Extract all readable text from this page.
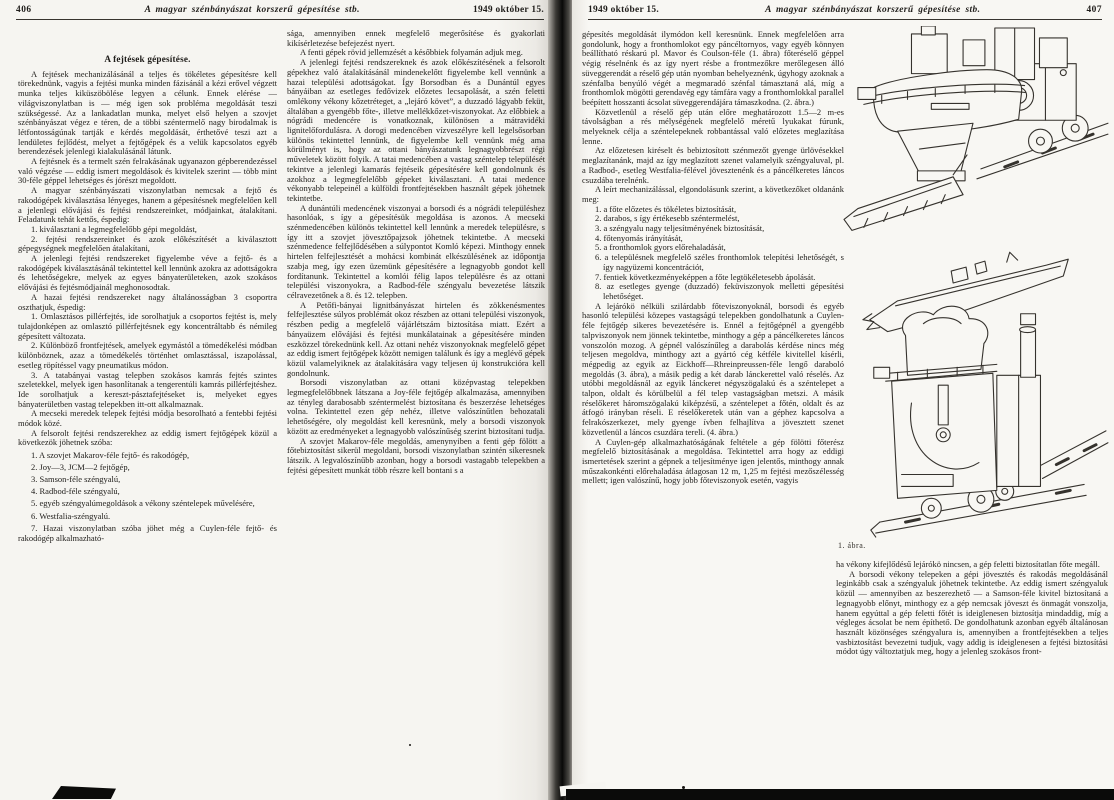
406	A magyar szénbányászat korszerű gépesítése stb.	1949 október 15.

A fejtések gépesítése.

A fejtések mechanizálásánál a teljes és tökéletes gépesítésre kell törekednünk, vagyis a fejtési munka minden fázisánál a kézi erővel végzett munka teljes kiküszöbölése legyen a célunk. Ennek elérése — világviszonylatban is — még igen sok probléma megoldását teszi szükségessé. Az a lankadatlan munka, melyet első helyen a szovjet szénbányászat végez e téren, de a többi széntermelő nagy birodalmak is létfontosságúnak tartják e kérdés megoldását, érthetővé teszi azt a lendületes fejlődést, melyet a fejtőgépek és a velük kapcsolatos egyéb berendezések jelenlegi kialakulásánál látunk.

A fejtésnek és a termelt szén felrakásának ugyanazon gépberendezéssel való végzése — eddig ismert megoldások és kivitelek szerint — több mint 30-féle géppel lehetséges és jórészt megoldott.

A magyar szénbányászati viszonylatban nemcsak a fejtő és rakodógépek kiválasztása lényeges, hanem a gépesítésnek megfelelően kell a jelenlegi elővájási és fejtési rendszereinket, módjainkat, átalakítani. Feladatunk tehát kettős, éspedig:

1. kiválasztani a legmegfelelőbb gépi megoldást,

2. fejtési rendszereinket és azok előkészítését a kiválasztott gépegységnek megfelelően átalakítani,

A jelenlegi fejtési rendszereket figyelembe véve a fejtő- és a rakodógépek kiválasztásánál tekintettel kell lennünk azokra az adottságokra és lehetőségekre, melyek az egyes bányaterületeken, azok szokásos elővájási és fejtésmódjainál meghonosodtak.

A hazai fejtési rendszereket nagy általánosságban 3 csoportra oszthatjuk, éspedig:

1. Omlasztásos pillérfejtés, ide sorolhatjuk a csoportos fejtést is, mely tulajdonképen az omlasztó pillérfejtésnek egy koncentráltabb és némileg gépesített változata.

2. Különböző frontfejtések, amelyek egymástól a tömedékelési módban különböznek, azaz a tömedékelés történhet omlasztással, iszapolással, esetleg röpítéssel vagy pneumatikus módon.

3. A tatabányai vastag telepben szokásos kamrás fejtés szintes szeletekkel, melyek igen hasonlítanak a tengerentúli kamrás pillérfejtéshez. Ide sorolhatjuk a kereszt-pásztafejtéseket is, melyeket egyes bányaterületben vastag telepekben itt-ott alkalmaznak.

A mecseki meredek telepek fejtési módja besorolható a fentebbi fejtési módok közé.

A felsorolt fejtési rendszerekhez az eddig ismert fejtőgépek közül a következök jöhetnek szóba:

1. A szovjet Makarov-féle fejtő- és rakodógép,

2. Joy—3, JCM—2 fejtőgép,

3. Samson-féle széngyalú,

4. Radbod-féle széngyalú,

5. egyéb széngyalúmegoldások a vékony széntelepek művelésére,

6. Westfalia-széngyalú.

7. Hazai viszonylatban szóba jöhet még a Cuylen-féle fejtő- és rakodógép alkalmazható-

sága, amennyiben ennek megfelelő megerősítése és gyakorlati kikísérletezése befejezést nyert.

A fenti gépek rövid jellemzését a későbbiek folyamán adjuk meg.

A jelenlegi fejtési rendszereknek és azok előkészítésének a felsorolt gépekhez való átalakításánál mindenekelőtt figyelembe kell vennünk a hazai települési adottságokat. Így Borsodban és a Dunántúl egyes bányáiban az esetleges fedővizek előzetes lecsapolását, a szén feletti omlékony vékony kőzetréteget, a „lejáró követ”, a duzzadó lágyabb feküt, általában a gyengébb főte-, illetve mellékkőzet-viszonyokat. Az előbbiek a nógrádi medencére is vonatkoznak, különösen a mátravidéki lignitelőfordulásra. A dorogi medencében vízveszélyre kell legelsősorban különös tekintettel lennünk, de figyelembe kell vennünk még ama körülményt is, hogy az ottani bányászatunk legnagyobbrészt régi műveletek között folyik. A tatai medencében a vastag széntelep települését tekintve a jelenlegi kamarás fejtéseik gépesítésére kell gondolnunk és azokhoz a legmegfelelőbb gépeket kiválasztani. A tatai medence vékonyabb telepeinél a külföldi frontfejtésekben használt gépek jöhetnek tekintetbe.

A dunántúli medencének viszonyai a borsodi és a nógrádi településhez hasonlóak, s így a gépesítésük megoldása is azonos. A mecseki szénmedencében különös tekintettel kell lennünk a meredek településre, s így itt a szovjet jövesztőpajzsok jöhetnek tekintetbe. A mecseki szénmedence felfejlődésében a súlypontot Komló képezi. Minthogy ennek hirtelen felfejlesztését a mohácsi kombinát elkészülésének az időpontja szabja meg, így ezen üzemünk gépesítésére a legnagyobb gondot kell fordítanunk. Tekintettel a komlói félig lapos településre és az ottani települési viszonyokra, a Radbod-féle széngyalu bevezetése látszik célravezetőnek a 8. és 12. telepben.

A Petőfi-bányai lignitbányászat hirtelen és zökkenésmentes felfejlesztése súlyos problémát okoz részben az ottani települési viszonyok, részben pedig a megfelelő vájárlétszám biztosítása miatt. Ezért a bányaüzem elővájási és fejtési munkálatainak a gépesítésére minden eszközzel törekednünk kell. Az ottani nehéz viszonyoknak megfelelő gépet az eddig ismert fejtőgépek között nemigen találunk és így a meglévő gépek közül valamelyiknek az átalakítására vagy teljesen új konstrukcióra kell gondolnunk.

Borsodi viszonylatban az ottani középvastag telepekben legmegfelelőbbnek látszana a Joy-féle fejtőgép alkalmazása, amennyiben az tényleg darabosabb széntermelést biztosítana és beszerzése lehetséges volna. Tekintettel ezen gép nehéz, illetve valószínűtlen behozatali lehetőségére, oly megoldást kell keresnünk, mely a borsodi viszonyok között az eredményeket a legnagyobb valószínűség szerint biztosítani tudja.

A szovjet Makarov-féle megoldás, amenynyiben a fenti gép fölött a főtebiztosítást sikerül megoldani, borsodi viszonylatban szintén sikeresnek látszik. A legvalószínűbb azonban, hogy a borsodi vastagabb telepekben a fejtési gépesített munkát több részre kell bontani s a

1949 október 15.	A magyar szénbányászat korszerű gépesítése stb.	407

gépesítés megoldását ilymódon kell keresnünk. Ennek megfelelően arra gondolunk, hogy a fronthomlokot egy páncéltornyos, vagy egyéb könnyen beállítható réskarú pl. Mavor és Coulson-féle (1. ábra) főteréselő géppel végig réselnénk és az így nyert résbe a frontmezőkre merőlegesen álló süveggerendát a réselő gép után nyomban behelyeznénk, úgyhogy azoknak a szénfalba benyúló végét a megmaradó szénfal támasztaná alá, míg a fronthomlok mögötti gerendavég egy támfára vagy a fronthomlokkal parallel beépített hosszanti ácsolat süveggerendájára támaszkodna. (2. ábra.)

Közvetlenül a réselő gép után előre meghatározott 1.5—2 m-es távolságban a rés mélységének megfelelő méretű lyukakat fúrunk, melyeknek célja a széntelepeknek robbantással való előzetes meglazítása lenne.

Az előzetesen kiréselt és bebiztosított szénmezőt gyenge ürlövésekkel meglazítanánk, majd az így meglazított szenet valamelyik széngyaluval, pl. a Radbod-, esetleg Westfalia-félével jövesztenénk és a páncélkeretes láncos csuzdába terelnénk.

A leírt mechanizálással, elgondolásunk szerint, a következőket oldanánk meg:

1. a főte előzetes és tökéletes biztosítását,

2. darabos, s így értékesebb széntermelést,

3. a széngyalu nagy teljesítményének biztosítását,

4. főtenyomás irányítását,

5. a fronthomlok gyors előrehaladását,

6. a településnek megfelelő széles fronthomlok telepítési lehetőségét, s így nagyüzemi koncentrációt,

7. fentiek következményeképpen a főte legtökéletesebb ápolását.

8. az esetleges gyenge (duzzadó) feküviszonyok melletti gépesítési lehetőséget.

A lejárókö nélküli szilárdabb főteviszonyoknál, borsodi és egyéb hasonló települési közepes vastagságú telepekben gondolhatunk a Cuylen-féle fejtőgép sikeres bevezetésére is. Ennél a fejtőgépnél a gyengébb talpviszonyok nem jönnek tekintetbe, minthogy a gép a páncélkeretes láncos vonszolón mozog. A gépnél valószínűleg a darabolás kérdése nincs még teljesen megoldva, minthogy azt a gyártó cég kétféle kivitellel kísérli, mégpedig az egyik az Eickhoff—Rhreinpreussen-féle lengő daraboló megoldás (3. ábra), a másik pedig a két darab lánckerettel való réselés. Az utóbbi megoldásnál az egyik lánckeret négyszögalakú és a széntelepet a talpon, oldalt és körülbelül a fél telep vastagságban metszi. A másik réselőkeret háromszögalakú kiképzésű, a széntelepet a főtén, oldalt és az átfogó irányban réseli. E réselőkeretek után van a géphez kapcsolva a felrakószerkezet, mely gyenge ívben felhajlítva a jövesztett szenet közvetlenül a láncos csuzdára tereli. (4. ábra.)

A Cuylen-gép alkalmazhatóságának feltétele a gép fölötti főterész megfelelő biztosításának a megoldása. Tekintettel arra hogy az eddigi ismertetések szerint a gépnek a teljesítménye igen jelentős, minthogy annak műszakonkénti előrehaladása átlagosan 12 m, 1,25 m fejtési mezőszélesség mellett; igen valószínű, hogy jobb főteviszonyok esetén, vagyis

1. ábra.

ha vékony kifejlődésű lejárókö nincsen, a gép feletti biztosítatlan főte megáll.

A borsodi vékony telepeken a gépi jövesztés és rakodás megoldásánál leginkább csak a széngyaluk jöhetnek tekintetbe. Az eddig ismert széngyaluk közül — amennyiben az beszerezhető — a Samson-féle kivitel biztosítaná a legnagyobb előnyt, minthogy ez a gép nemcsak jöveszt és önmagát vonszolja, hanem egyúttal a gép feletti főtét is ideiglenesen biztosítja mindaddig, míg a végleges ácsolat be nem építhető. De gondolhatunk azonban egyéb általánosan használt közönséges széngyalura is, amennyiben a frontfejtésekben a teljes vasbiztosítást bevezetni tudjuk, vagy addig is ideiglenesen a fejtési biztosítási módot úgy változtatjuk meg, hogy a jelenleg szokásos front-
